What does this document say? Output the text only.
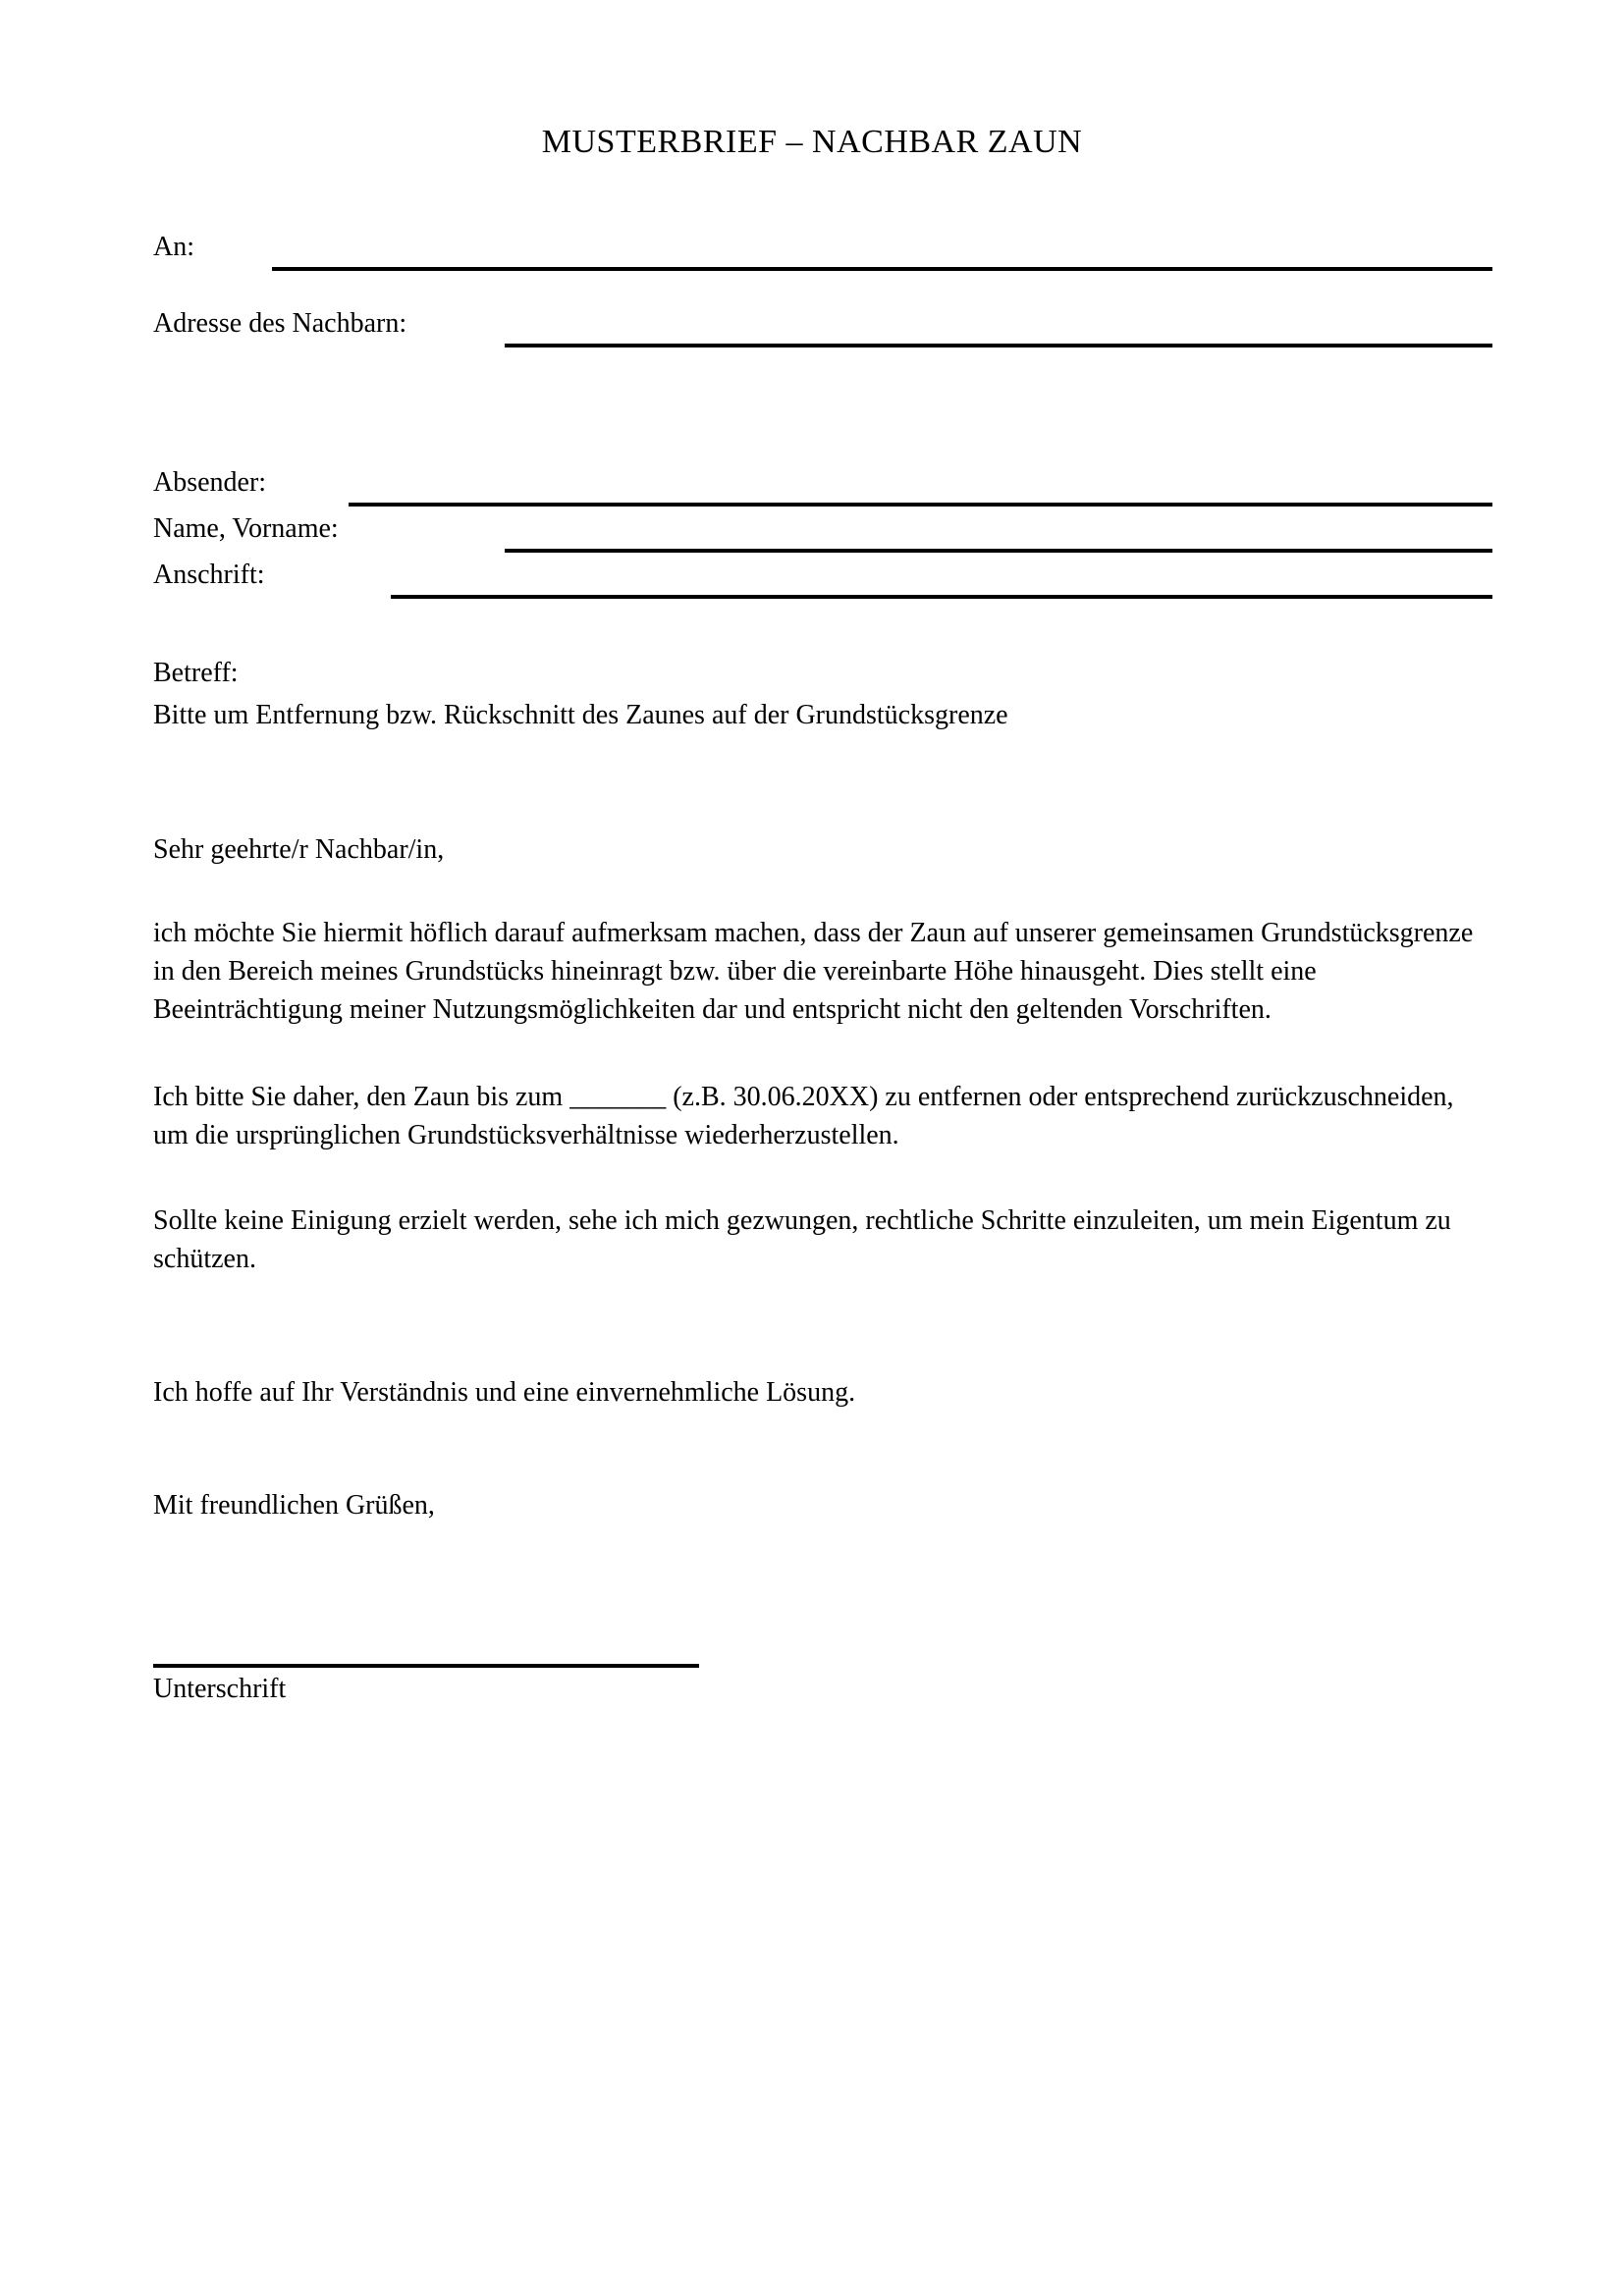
MUSTERBRIEF – NACHBAR ZAUN
An:
Adresse des Nachbarn:
Absender:
Name, Vorname:
Anschrift:
Betreff:
Bitte um Entfernung bzw. Rückschnitt des Zaunes auf der Grundstücksgrenze
Sehr geehrte/r Nachbar/in,
ich möchte Sie hiermit höflich darauf aufmerksam machen, dass der Zaun auf unserer gemeinsamen Grundstücksgrenze in den Bereich meines Grundstücks hineinragt bzw. über die vereinbarte Höhe hinausgeht. Dies stellt eine Beeinträchtigung meiner Nutzungsmöglichkeiten dar und entspricht nicht den geltenden Vorschriften.
Ich bitte Sie daher, den Zaun bis zum _______ (z.B. 30.06.20XX) zu entfernen oder entsprechend zurückzuschneiden, um die ursprünglichen Grundstücksverhältnisse wiederherzustellen.
Sollte keine Einigung erzielt werden, sehe ich mich gezwungen, rechtliche Schritte einzuleiten, um mein Eigentum zu schützen.
Ich hoffe auf Ihr Verständnis und eine einvernehmliche Lösung.
Mit freundlichen Grüßen,
Unterschrift
